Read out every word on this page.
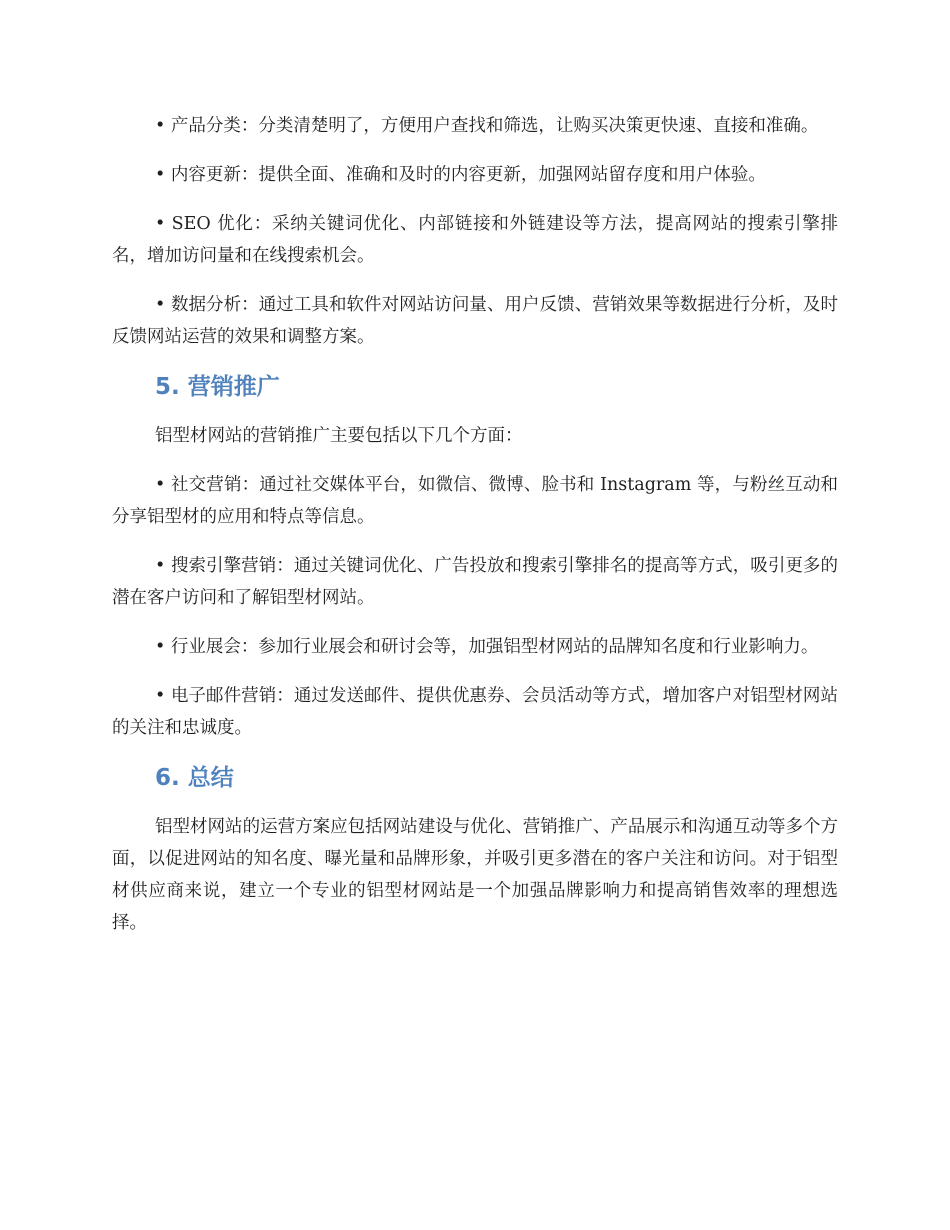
• 产品分类：分类清楚明了，方便用户查找和筛选，让购买决策更快速、直接和准确。

• 内容更新：提供全面、准确和及时的内容更新，加强网站留存度和用户体验。

• SEO 优化：采纳关键词优化、内部链接和外链建设等方法，提高网站的搜索引擎排名，增加访问量和在线搜索机会。

• 数据分析：通过工具和软件对网站访问量、用户反馈、营销效果等数据进行分析，及时反馈网站运营的效果和调整方案。

5. 营销推广

铝型材网站的营销推广主要包括以下几个方面：

• 社交营销：通过社交媒体平台，如微信、微博、脸书和 Instagram 等，与粉丝互动和分享铝型材的应用和特点等信息。

• 搜索引擎营销：通过关键词优化、广告投放和搜索引擎排名的提高等方式，吸引更多的潜在客户访问和了解铝型材网站。

• 行业展会：参加行业展会和研讨会等，加强铝型材网站的品牌知名度和行业影响力。

• 电子邮件营销：通过发送邮件、提供优惠券、会员活动等方式，增加客户对铝型材网站的关注和忠诚度。

6. 总结

铝型材网站的运营方案应包括网站建设与优化、营销推广、产品展示和沟通互动等多个方面，以促进网站的知名度、曝光量和品牌形象，并吸引更多潜在的客户关注和访问。对于铝型材供应商来说，建立一个专业的铝型材网站是一个加强品牌影响力和提高销售效率的理想选择。
